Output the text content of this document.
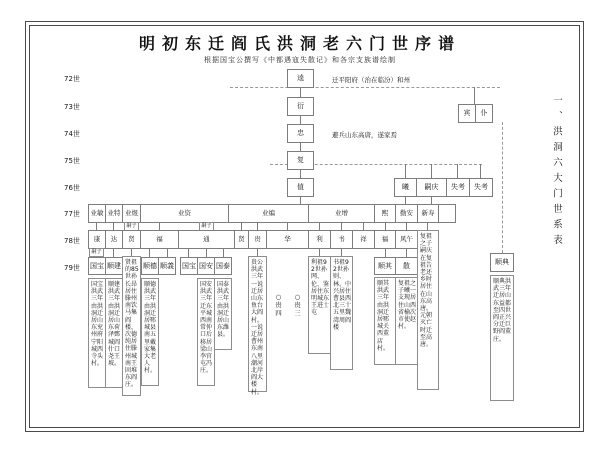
明初东迁阎氏洪洞老六门世序谱
根据国宝公撰写《中都遇寇失散记》和各宗支族谱绘制
一、洪洞六大门世系表
72世
73世
74世
75世
76世
77世
78世
79世
逵	迁平阳府（治在临汾）和州
衍
忠	避兵山东高唐，遂家焉
复
值
宾	仆
曦	嗣庆	失考	失考
业敏 业特 业煜	业资	业编	业增	熙	勤安	新寿
嗣子	嗣子
康	达	贤	福	通	贤	贵	华	利	书	祥	福	风午
嗣子
国宝 顺建	顺德 顺義 国宝 国安 国泰	顺其	散
国宝洪武三年由洪洞迁居山东兖州府宁阳城西寺头村。
顺建洪武三年由洪洞迁居山东荷泽鄄城阎什口尧王坡。
贤祖的85世孙长昂居住滕州南饮马集阎楼，次德纯居住滕州城南王固堆东阎庄。
顺德洪武三年由洪洞迁居郓城县南五里戴家集大老人村。
国安洪武三年迁东平城西南常仲口后移居梁山李官屯冯庄。
国泰洪武三年由洪洞迁居山东潍县。
贵公洪武三年一说迁居山东鱼台大阎村。一说迁居曹州东南八里潮河北岸阎大楼村。
○贵四
○贵三
利祖92世孙网、伦、鉴居住东明城东王进士屯
书祖92世孙则、林、中兴居住曹县西北三十五里魏湾周阎楼
顺其洪武三年由洪洞迁居郓城关西董店村。
复祖之子曦一支现居住山西省榆次市使赵村。
复祖之子嗣庆在复祖告老还乡时居住在山东高唐，元朝灭亡时迁至高唐。
顺典
顺典洪武三年迁居山东益都至四世阎正兴分迁巨野阎董庄。
